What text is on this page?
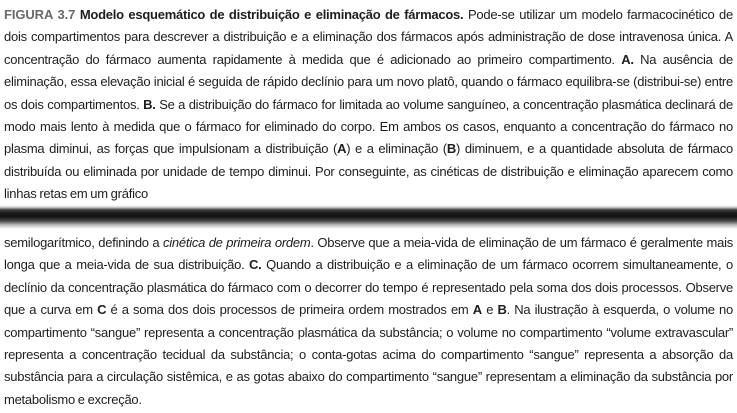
FIGURA 3.7 Modelo esquemático de distribuição e eliminação de fármacos. Pode-se utilizar um modelo farmacocinético de dois compartimentos para descrever a distribuição e a eliminação dos fármacos após administração de dose intravenosa única. A concentração do fármaco aumenta rapidamente à medida que é adicionado ao primeiro compartimento. A. Na ausência de eliminação, essa elevação inicial é seguida de rápido declínio para um novo platô, quando o fármaco equilibra-se (distribui-se) entre os dois compartimentos. B. Se a distribuição do fármaco for limitada ao volume sanguíneo, a concentração plasmática declinará de modo mais lento à medida que o fármaco for eliminado do corpo. Em ambos os casos, enquanto a concentração do fármaco no plasma diminui, as forças que impulsionam a distribuição (A) e a eliminação (B) diminuem, e a quantidade absoluta de fármaco distribuída ou eliminada por unidade de tempo diminui. Por conseguinte, as cinéticas de distribuição e eliminação aparecem como linhas retas em um gráfico
semilogarítmico, definindo a cinética de primeira ordem. Observe que a meia-vida de eliminação de um fármaco é geralmente mais longa que a meia-vida de sua distribuição. C. Quando a distribuição e a eliminação de um fármaco ocorrem simultaneamente, o declínio da concentração plasmática do fármaco com o decorrer do tempo é representado pela soma dos dois processos. Observe que a curva em C é a soma dos dois processos de primeira ordem mostrados em A e B. Na ilustração à esquerda, o volume no compartimento “sangue” representa a concentração plasmática da substância; o volume no compartimento “volume extravascular” representa a concentração tecidual da substância; o conta-gotas acima do compartimento “sangue” representa a absorção da substância para a circulação sistêmica, e as gotas abaixo do compartimento “sangue” representam a eliminação da substância por metabolismo e excreção.
